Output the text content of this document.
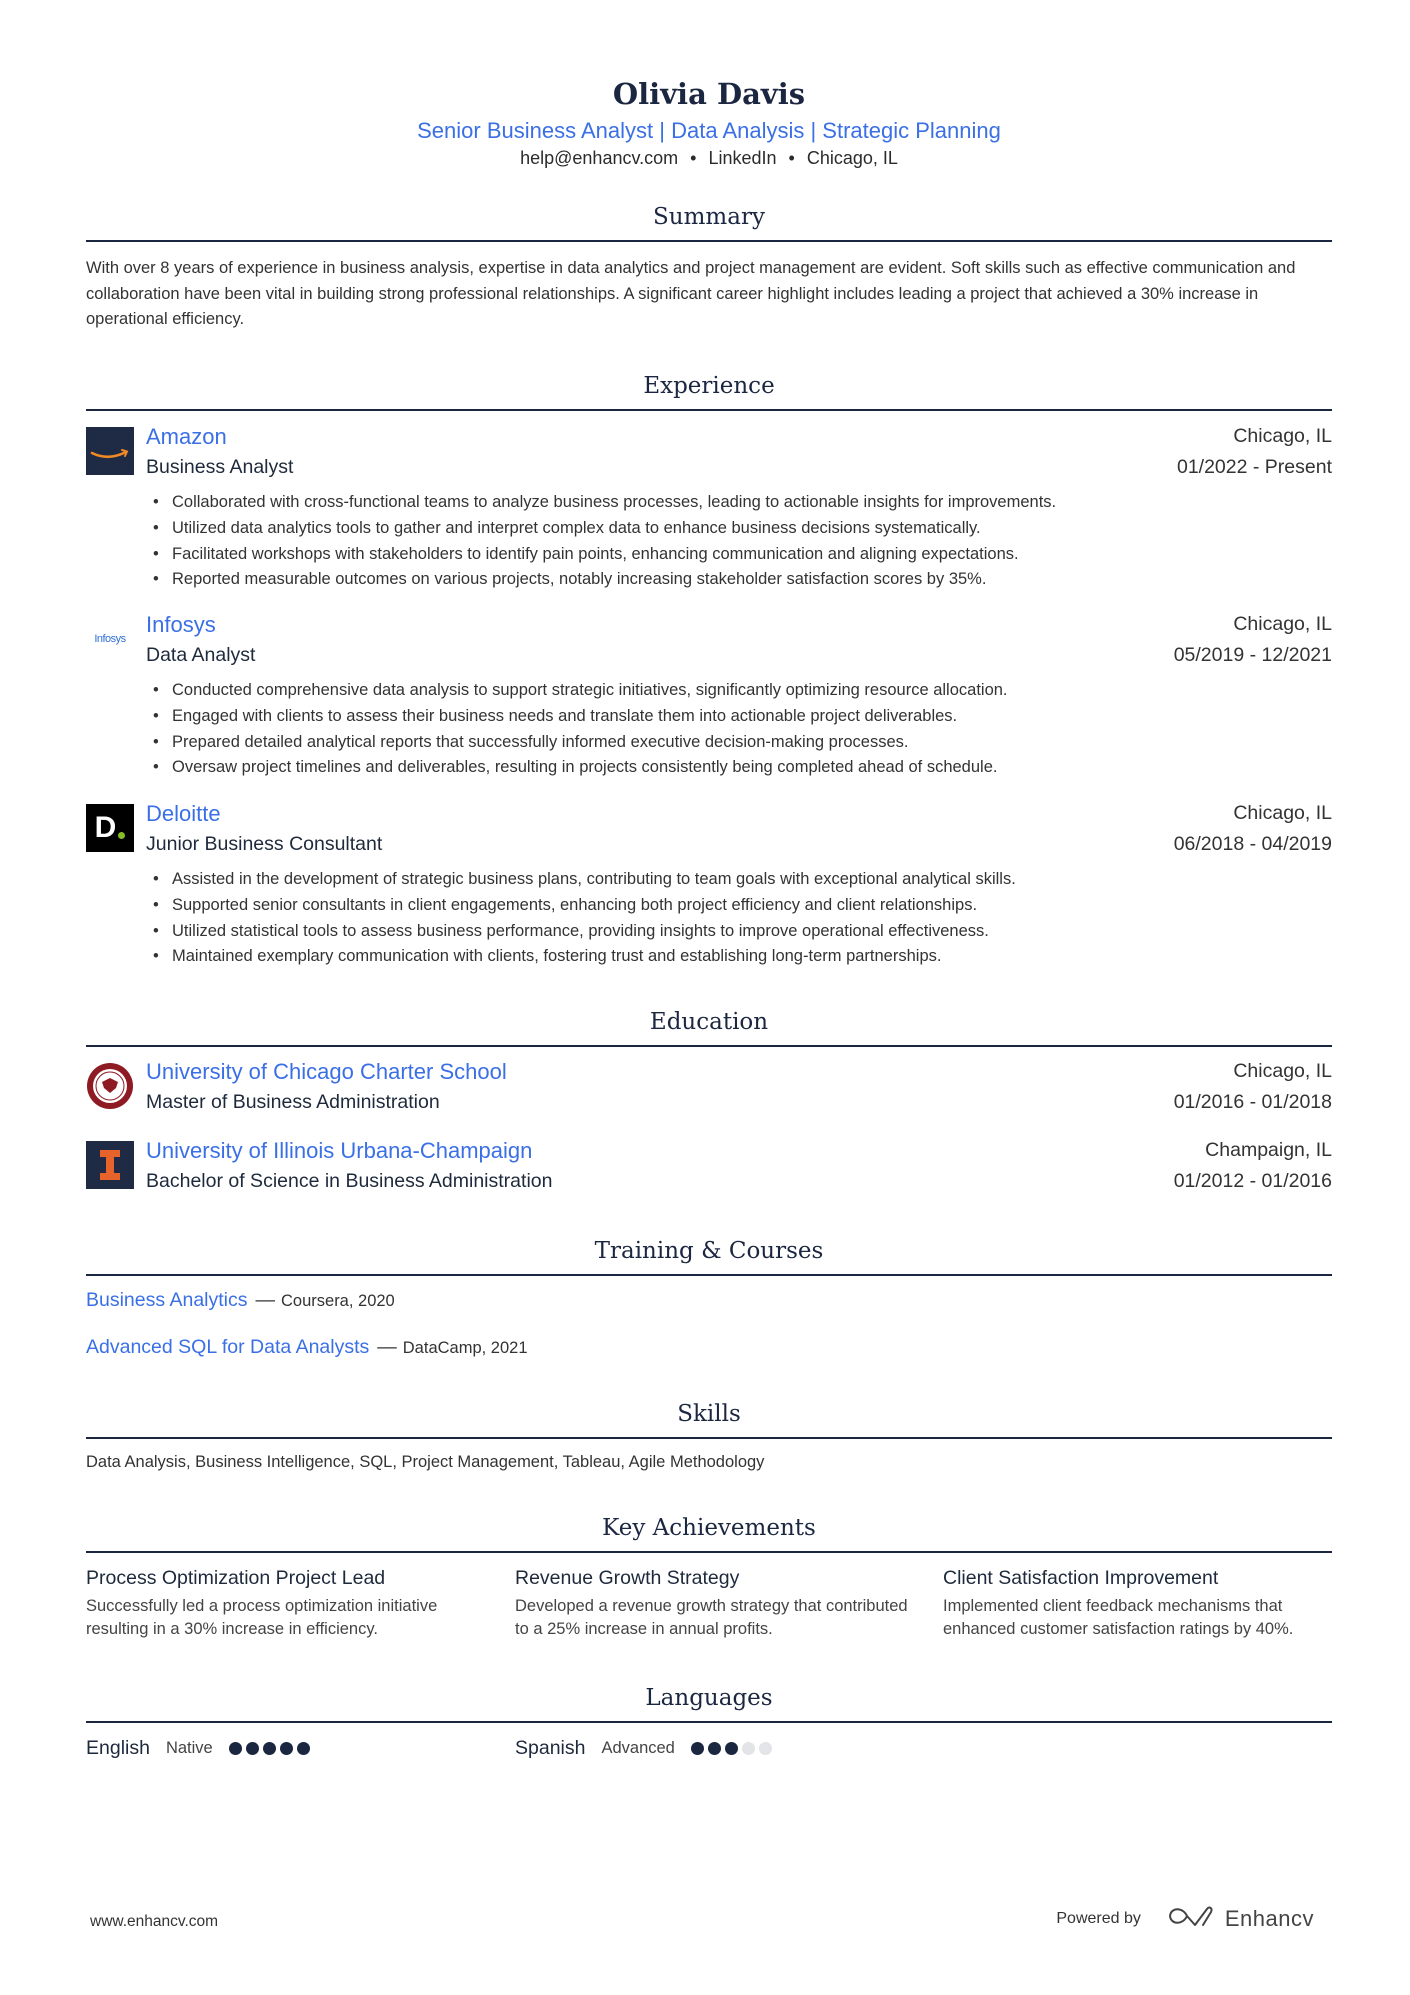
Olivia Davis
Senior Business Analyst | Data Analysis | Strategic Planning
help@enhancv.com • LinkedIn • Chicago, IL
Summary
With over 8 years of experience in business analysis, expertise in data analytics and project management are evident. Soft skills such as effective communication and collaboration have been vital in building strong professional relationships. A significant career highlight includes leading a project that achieved a 30% increase in operational efficiency.
Experience
Amazon
Business Analyst
Chicago, IL
01/2022 - Present
• Collaborated with cross-functional teams to analyze business processes, leading to actionable insights for improvements.
• Utilized data analytics tools to gather and interpret complex data to enhance business decisions systematically.
• Facilitated workshops with stakeholders to identify pain points, enhancing communication and aligning expectations.
• Reported measurable outcomes on various projects, notably increasing stakeholder satisfaction scores by 35%.
Infosys
Infosys
Data Analyst
Chicago, IL
05/2019 - 12/2021
• Conducted comprehensive data analysis to support strategic initiatives, significantly optimizing resource allocation.
• Engaged with clients to assess their business needs and translate them into actionable project deliverables.
• Prepared detailed analytical reports that successfully informed executive decision-making processes.
• Oversaw project timelines and deliverables, resulting in projects consistently being completed ahead of schedule.
D Deloitte
Junior Business Consultant
Chicago, IL
06/2018 - 04/2019
• Assisted in the development of strategic business plans, contributing to team goals with exceptional analytical skills.
• Supported senior consultants in client engagements, enhancing both project efficiency and client relationships.
• Utilized statistical tools to assess business performance, providing insights to improve operational effectiveness.
• Maintained exemplary communication with clients, fostering trust and establishing long-term partnerships.
Education
University of Chicago Charter School
Master of Business Administration
Chicago, IL
01/2016 - 01/2018
University of Illinois Urbana-Champaign
Bachelor of Science in Business Administration
Champaign, IL
01/2012 - 01/2016
Training & Courses
Business Analytics — Coursera, 2020
Advanced SQL for Data Analysts — DataCamp, 2021
Skills
Data Analysis, Business Intelligence, SQL, Project Management, Tableau, Agile Methodology
Key Achievements
Process Optimization Project Lead
Successfully led a process optimization initiative resulting in a 30% increase in efficiency.
Revenue Growth Strategy
Developed a revenue growth strategy that contributed to a 25% increase in annual profits.
Client Satisfaction Improvement
Implemented client feedback mechanisms that enhanced customer satisfaction ratings by 40%.
Languages
English Native	Spanish Advanced
www.enhancv.com	Powered by	Enhancv
